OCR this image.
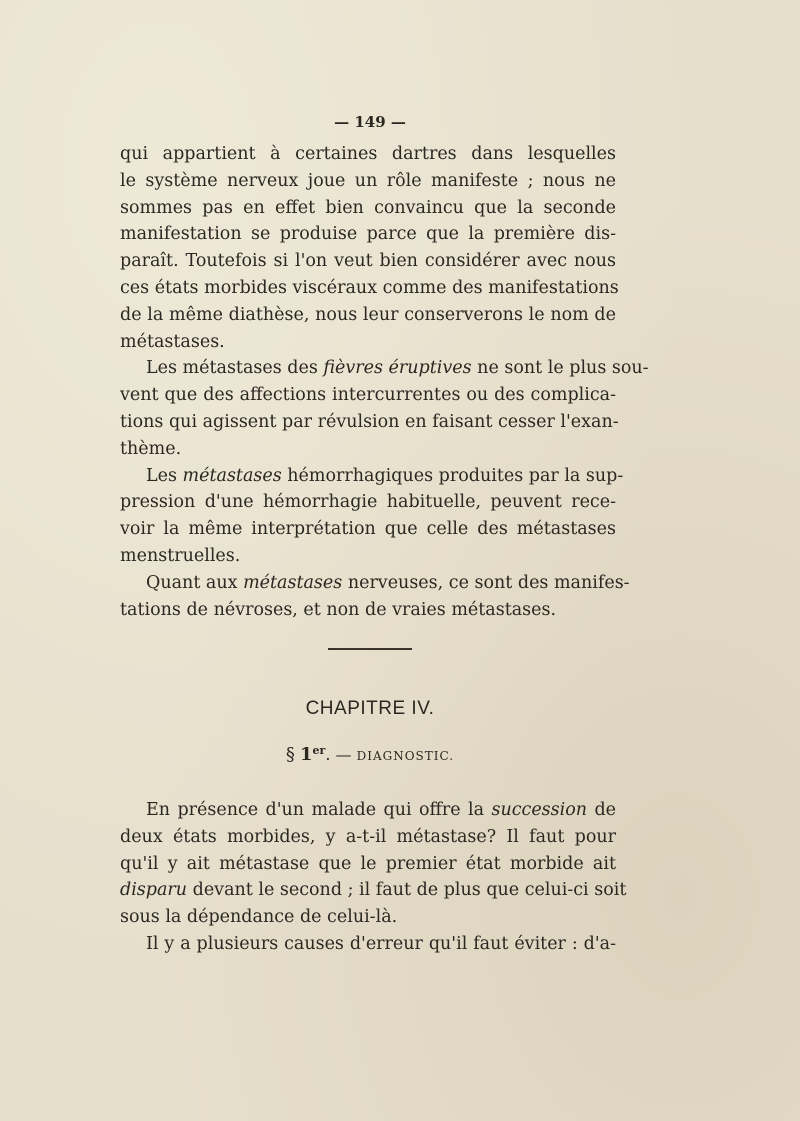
— 149 —
qui appartient à certaines dartres dans lesquelles
le système nerveux joue un rôle manifeste ; nous ne
sommes pas en effet bien convaincu que la seconde
manifestation se produise parce que la première dis-
paraît. Toutefois si l'on veut bien considérer avec nous
ces états morbides viscéraux comme des manifestations
de la même diathèse, nous leur conserverons le nom de
métastases.
Les métastases des fièvres éruptives ne sont le plus sou-
vent que des affections intercurrentes ou des complica-
tions qui agissent par révulsion en faisant cesser l'exan-
thème.
Les métastases hémorrhagiques produites par la sup-
pression d'une hémorrhagie habituelle, peuvent rece-
voir la même interprétation que celle des métastases
menstruelles.
Quant aux métastases nerveuses, ce sont des manifes-
tations de névroses, et non de vraies métastases.
CHAPITRE IV.
§ 1er. — DIAGNOSTIC.
En présence d'un malade qui offre la succession de
deux états morbides, y a-t-il métastase? Il faut pour
qu'il y ait métastase que le premier état morbide ait
disparu devant le second ; il faut de plus que celui-ci soit
sous la dépendance de celui-là.
Il y a plusieurs causes d'erreur qu'il faut éviter : d'a-
